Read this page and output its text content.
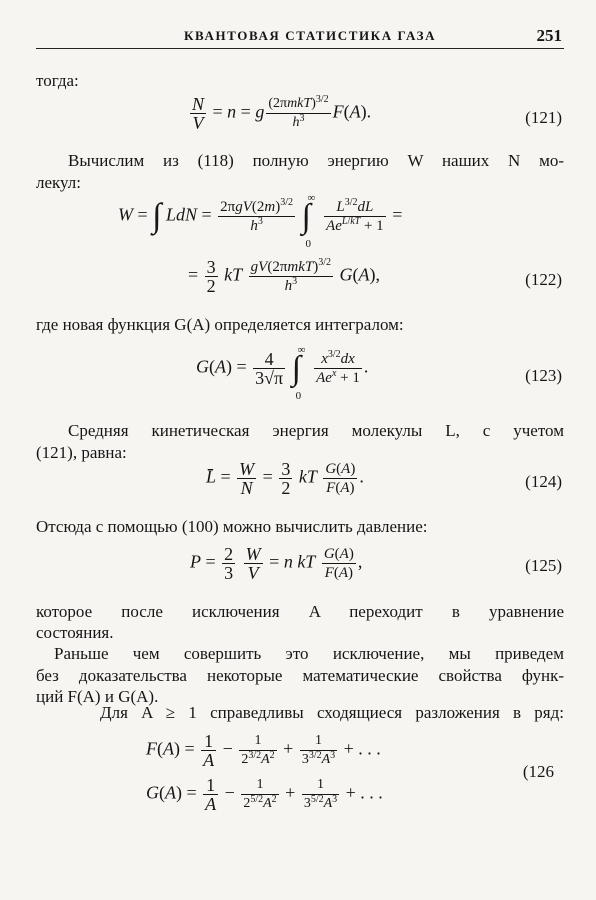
КВАНТОВАЯ СТАТИСТИКА ГАЗА	251
тогда:
$\frac{N}{V} = n = g \frac{(2\pi mkT)^{3/2}}{h^3} F(A)$.	(121)
Вычислим из (118) полную энергию W наших N мо-
лекул:
W = ∫ LdN = $\frac{2\pi gV(2m)^{3/2}}{h^3}$ ∫
∞
0

$\frac{L^{3/2}dL}{Ae^{L/kT} + 1}$ =
= $\frac{3}{2}$ kT $\frac{gV(2\pi mkT)^{3/2}}{h^3} G(A)$,	(122)
где новая функция G(A) определяется интегралом:
$G(A) = \frac{4}{3√\pi}$ ∫
∞
0

$\frac{x^{3/2}dx}{Ae^x + 1}$ .	(123)
Средняя кинетическая энергия молекулы L, с учетом
(121), равна:
L̄ = $\frac{W}{N} = \frac{3}{2}$ kT $\frac{G(A)}{F(A)}$ .	(124)
Отсюда с помощью (100) можно вычислить давление:
$P = \frac{2}{3}$
$\frac{W}{V} = n$ kT $\frac{G(A)}{F(A)}$ ,	(125)
которое после исключения A переходит в уравнение
состояния.
Раньше чем совершить это исключение, мы приведем
без доказательства некоторые математические свойства функ-
ций F(A) и G(A).
Для A ≥ 1 справедливы сходящиеся разложения в ряд:
$F(A) = \frac{1}{A} - \frac{1}{2^{3/2}A^2} + \frac{1}{3^{3/2}A^3}$ + . . .
$G(A) = \frac{1}{A} - \frac{1}{2^{5/2}A^2} + \frac{1}{3^{5/2}A^3}$ + . . .
(126
